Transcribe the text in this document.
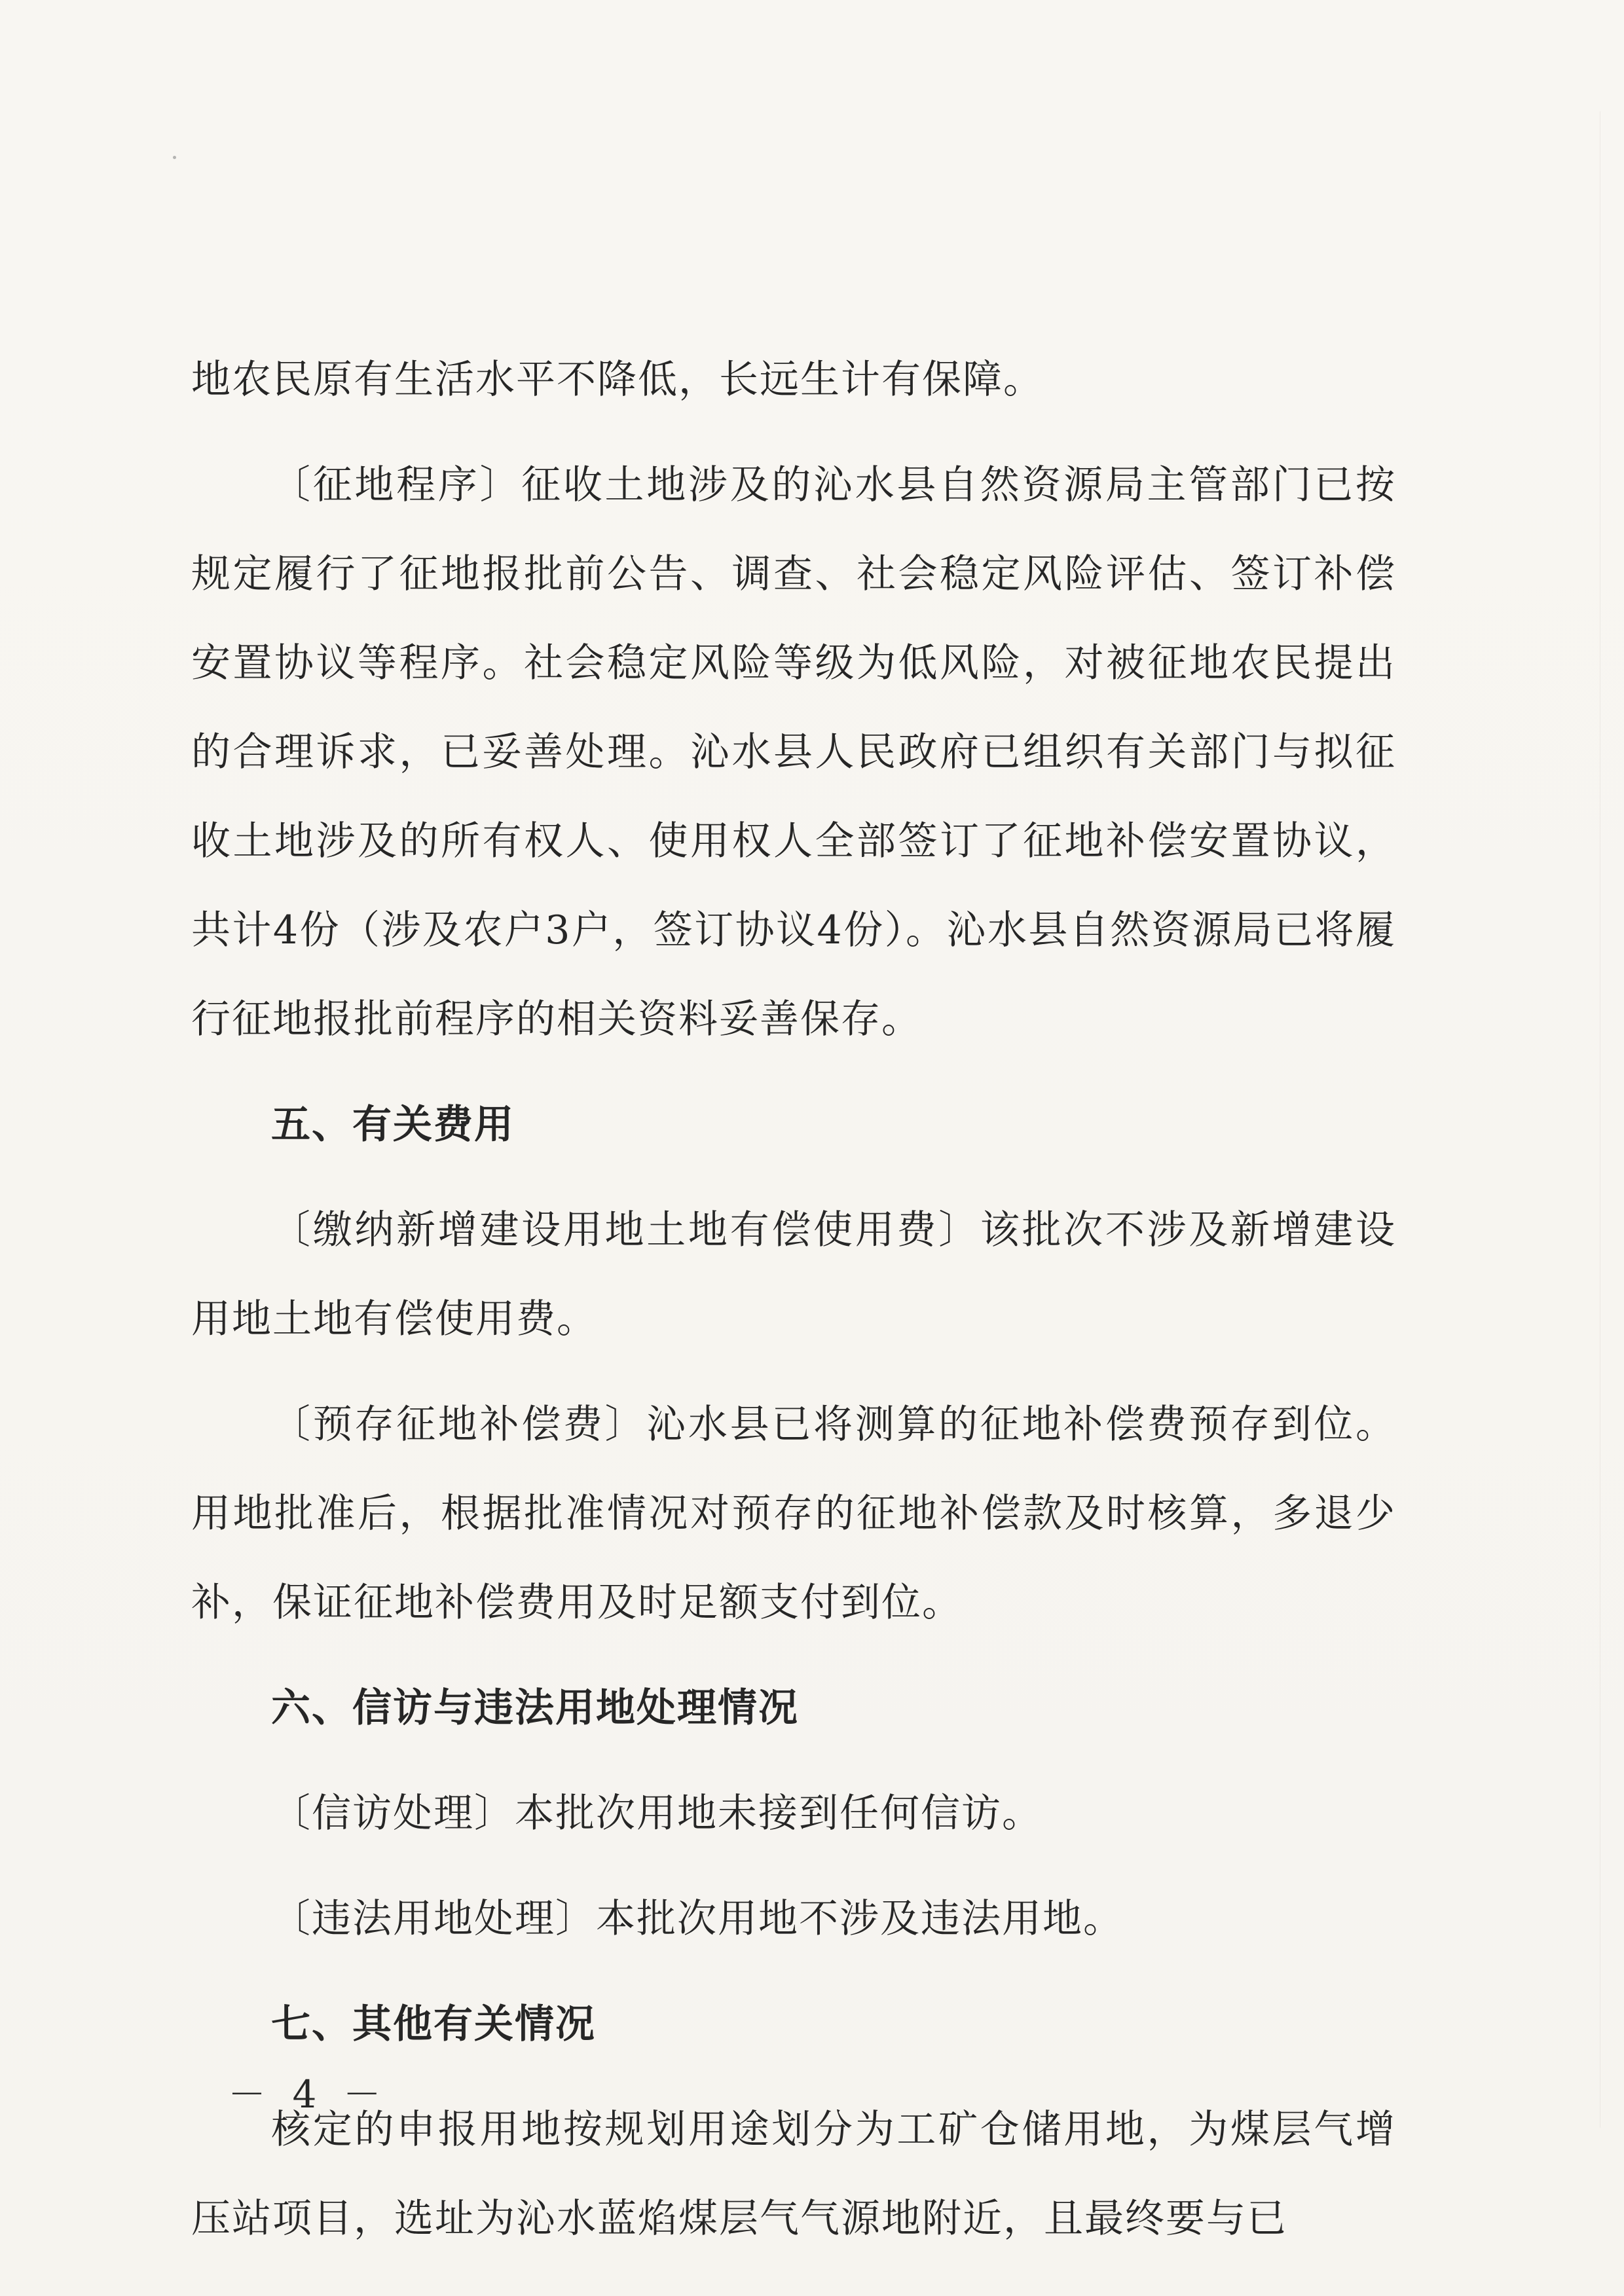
地农民原有生活水平不降低，长远生计有保障。

〔征地程序〕征收土地涉及的沁水县自然资源局主管部门已按规定履行了征地报批前公告、调查、社会稳定风险评估、签订补偿安置协议等程序。社会稳定风险等级为低风险，对被征地农民提出的合理诉求，已妥善处理。沁水县人民政府已组织有关部门与拟征收土地涉及的所有权人、使用权人全部签订了征地补偿安置协议，共计4份（涉及农户3户，签订协议4份）。沁水县自然资源局已将履行征地报批前程序的相关资料妥善保存。

五、有关费用

〔缴纳新增建设用地土地有偿使用费〕该批次不涉及新增建设用地土地有偿使用费。

〔预存征地补偿费〕沁水县已将测算的征地补偿费预存到位。用地批准后，根据批准情况对预存的征地补偿款及时核算，多退少补，保证征地补偿费用及时足额支付到位。

六、信访与违法用地处理情况

〔信访处理〕本批次用地未接到任何信访。

〔违法用地处理〕本批次用地不涉及违法用地。

七、其他有关情况

核定的申报用地按规划用途划分为工矿仓储用地，为煤层气增压站项目，选址为沁水蓝焰煤层气气源地附近，且最终要与已

－ 4 －
